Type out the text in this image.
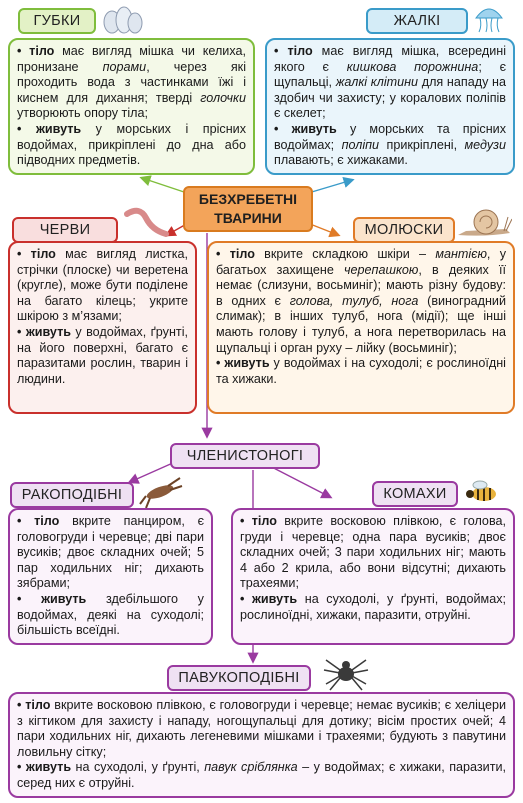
ГУБКИ

• тіло має вигляд мішка чи келиха, пронизане порами, через які проходить вода з частинками їжі і киснем для дихання; тверді голочки утворюють опору тіла;

• живуть у морських і прісних водоймах, прикріплені до дна або підводних предметів.

ЖАЛКІ

• тіло має вигляд мішка, всередині якого є кишкова порожнина; є щупальці, жалкі клітини для нападу на здобич чи захисту; у коралових поліпів є скелет;

• живуть у морських та прісних водоймах; поліпи прикріплені, медузи плавають; є хижаками.

БЕЗХРЕБЕТНІ
ТВАРИНИ
ЧЕРВИ

• тіло має вигляд листка, стрічки (плоске) чи веретена (кругле), може бути поділене на багато кілець; укрите шкірою з м’язами;

• живуть у водоймах, ґрунті, на його поверхні, багато є паразитами рослин, тварин і людини.

МОЛЮСКИ

• тіло вкрите складкою шкіри – мантією, у багатьох захищене черепашкою, в деяких її немає (слизуни, восьминіг); мають різну будову: в одних є голова, тулуб, нога (виноградний слимак); в інших тулуб, нога (мідії); ще інші мають голову і тулуб, а нога перетворилась на щупальці і орган руху – лійку (восьминіг);

• живуть у водоймах і на суходолі; є рослиноїдні та хижаки.

ЧЛЕНИСТОНОГІ
РАКОПОДІБНІ

• тіло вкрите панциром, є головогруди і черевце; дві пари вусиків; двоє складних очей; 5 пар ходильних ніг; дихають зябрами;

• живуть здебільшого у водоймах, деякі на суходолі; більшість всеїдні.

КОМАХИ

• тіло вкрите восковою плівкою, є голова, груди і черевце; одна пара вусиків; двоє складних очей; 3 пари ходильних ніг; мають 4 або 2 крила, або вони відсутні; дихають трахеями;

• живуть на суходолі, у ґрунті, водоймах; рослиноїдні, хижаки, паразити, отруйні.

ПАВУКОПОДІБНІ

• тіло вкрите восковою плівкою, є головогруди і черевце; немає вусиків; є хеліцери з кігтиком для захисту і нападу, ногощупальці для дотику; вісім простих очей; 4 пари ходильних ніг, дихають легеневими мішками і трахеями; будують з павутини ловильну сітку;

• живуть на суходолі, у ґрунті, павук сріблянка – у водоймах; є хижаки, паразити, серед них є отруйні.
